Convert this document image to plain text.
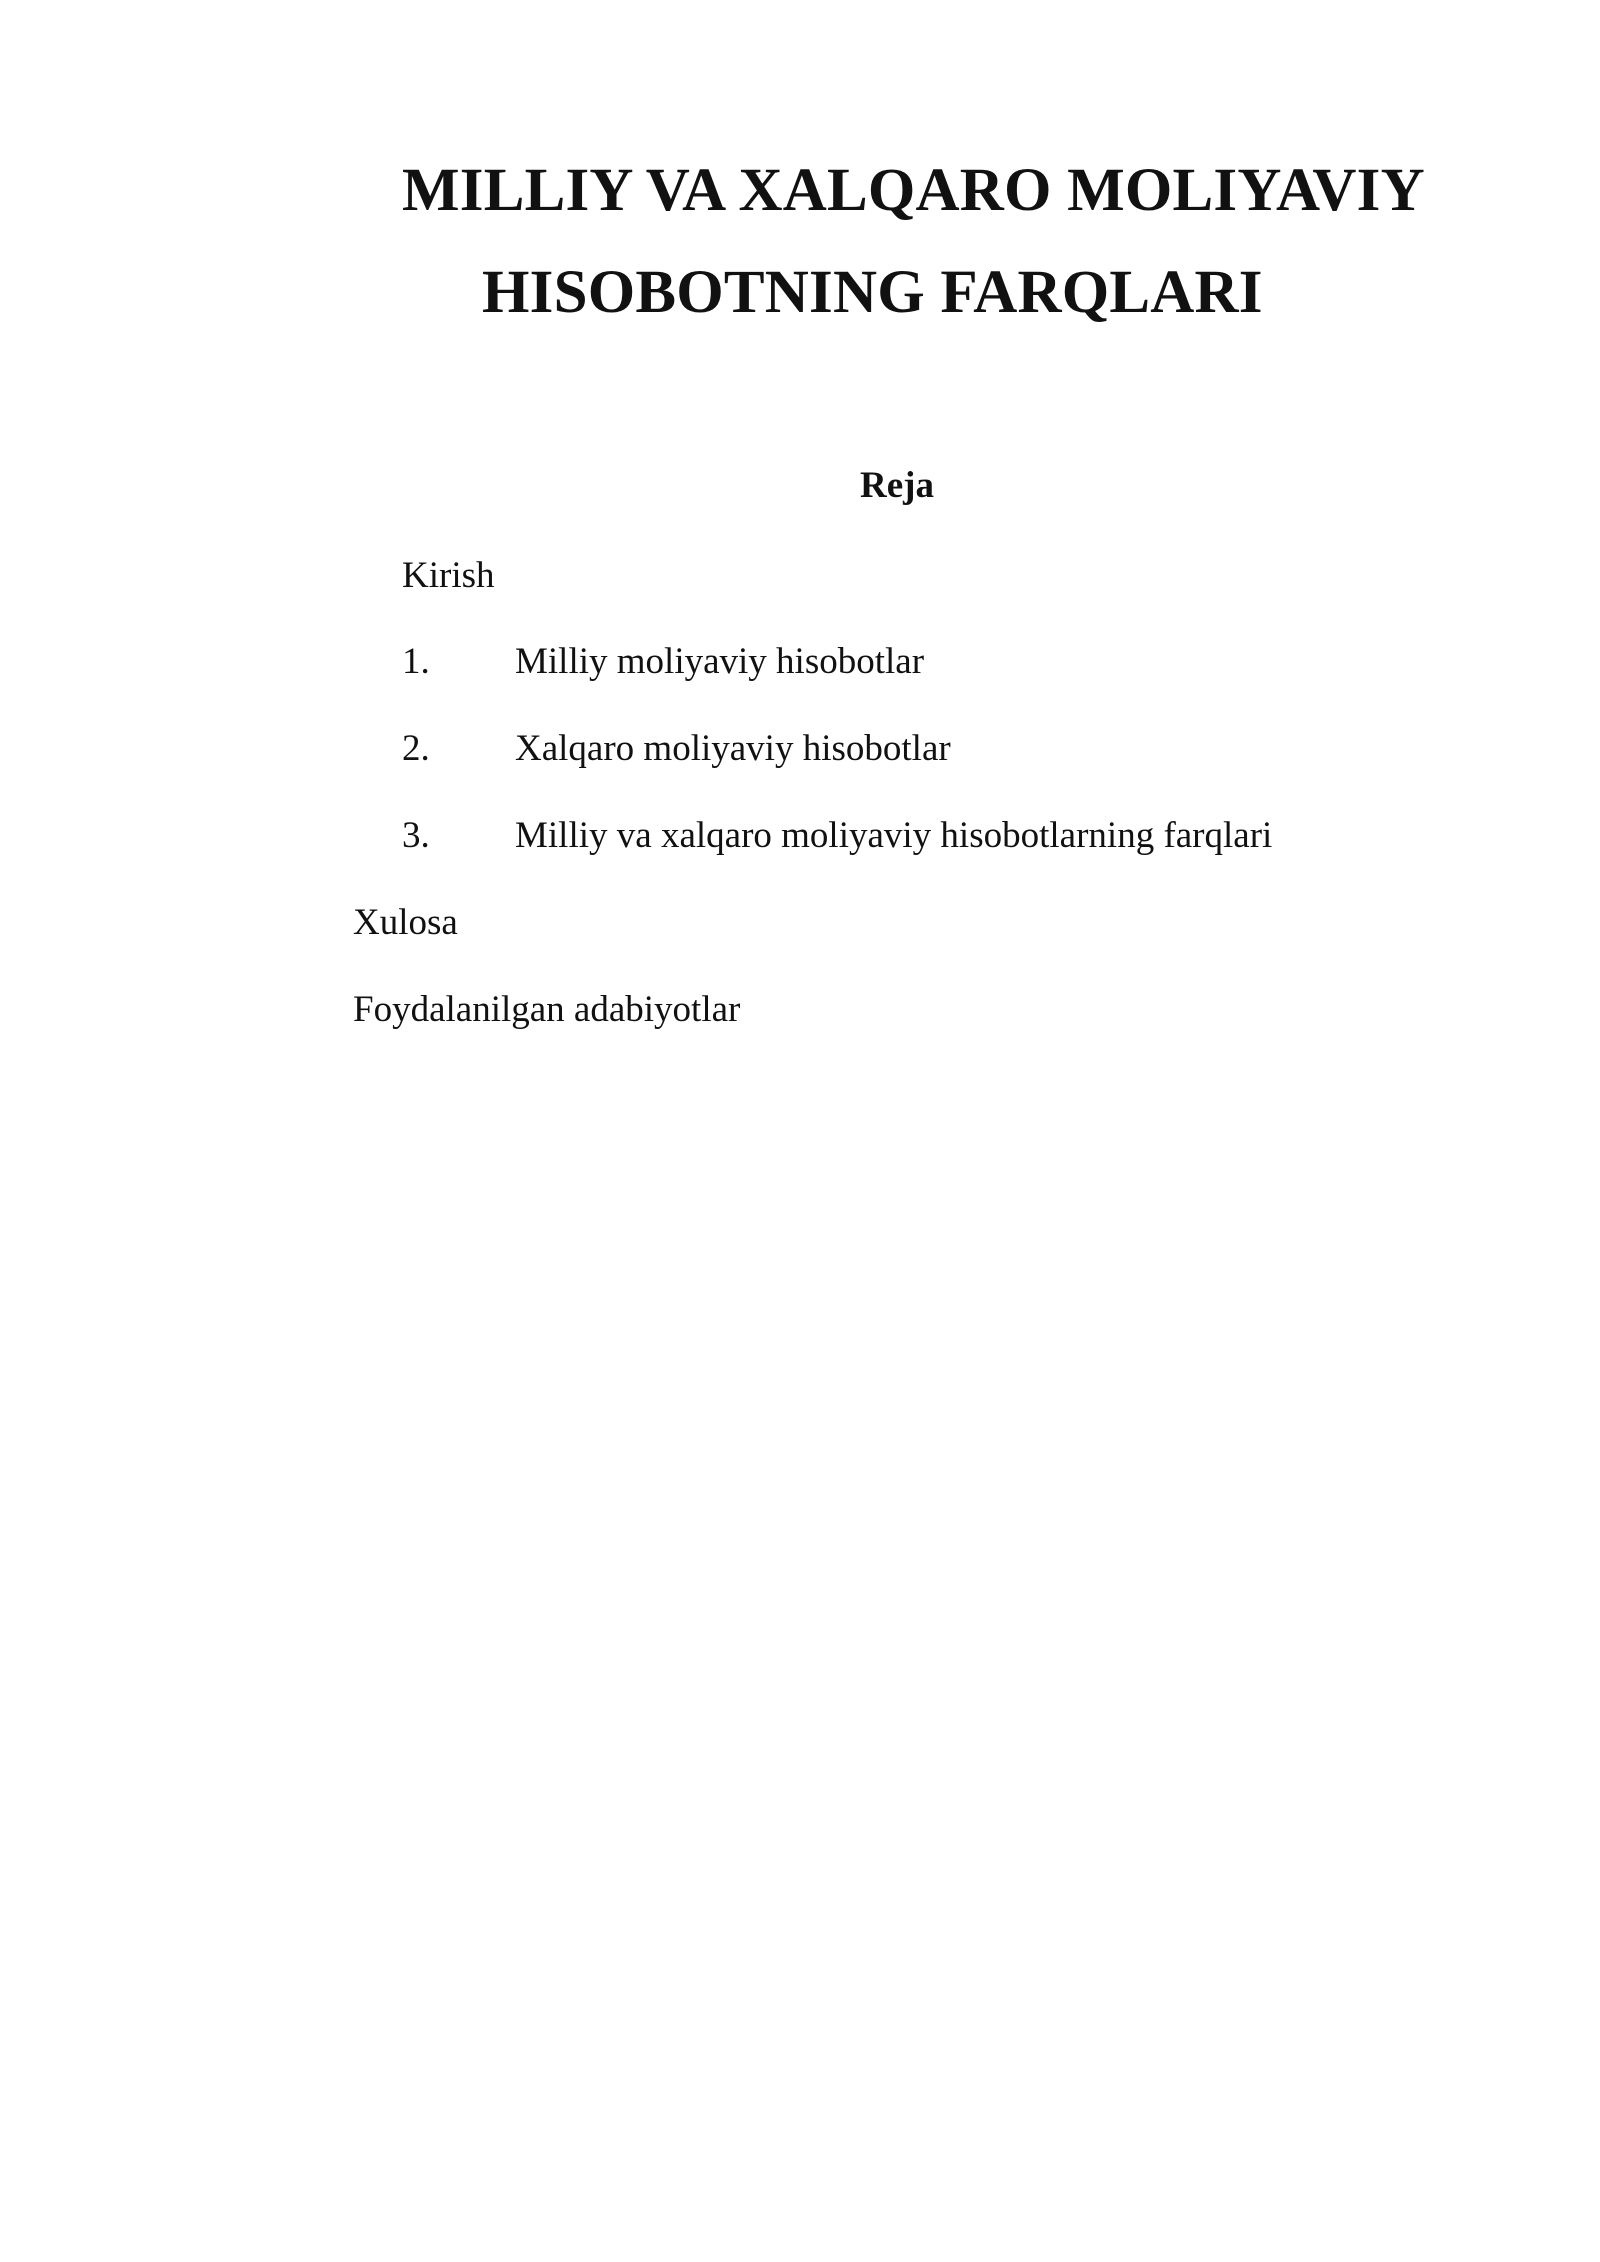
MILLIY VA XALQARO MOLIYAVIY
HISOBOTNING FARQLARI
Reja
Kirish
1. Milliy moliyaviy hisobotlar
2. Xalqaro moliyaviy hisobotlar
3. Milliy va xalqaro moliyaviy hisobotlarning farqlari
Xulosa
Foydalanilgan adabiyotlar
